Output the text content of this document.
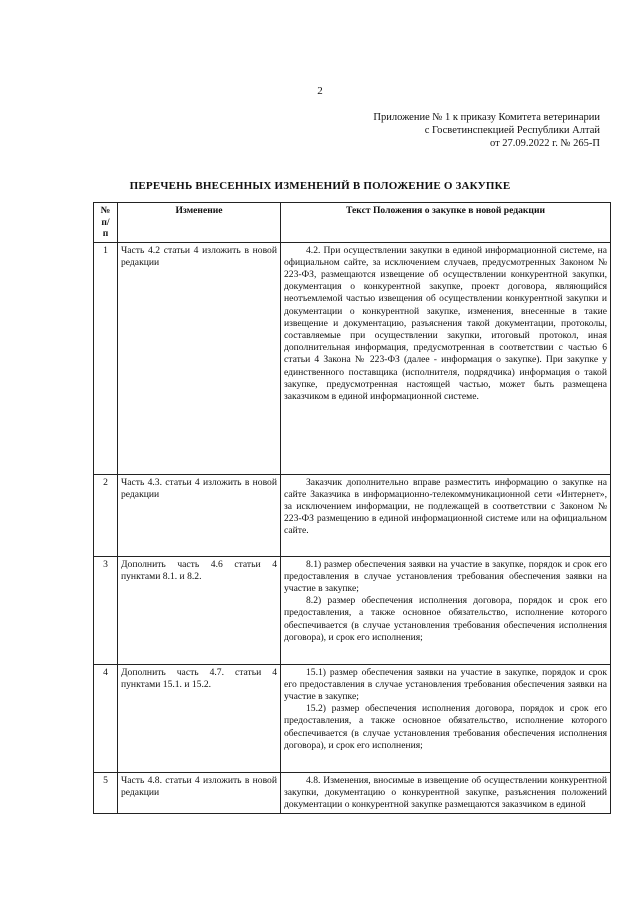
2
Приложение № 1 к приказу Комитета ветеринарии
с Госветинспекцией Республики Алтай
от 27.09.2022 г. № 265-П
ПЕРЕЧЕНЬ ВНЕСЕННЫХ ИЗМЕНЕНИЙ В ПОЛОЖЕНИЕ О ЗАКУПКЕ
№
п/
п	Изменение	Текст Положения о закупке в новой редакции
1	Часть 4.2 статьи 4 изложить в новой редакции	4.2. При осуществлении закупки в единой информационной системе, на официальном сайте, за исключением случаев, предусмотренных Законом № 223-ФЗ, размещаются извещение об осуществлении конкурентной закупки, документация о конкурентной закупке, проект договора, являющийся неотъемлемой частью извещения об осуществлении конкурентной закупки и документации о конкурентной закупке, изменения, внесенные в такие извещение и документацию, разъяснения такой документации, протоколы, составляемые при осуществлении закупки, итоговый протокол, иная дополнительная информация, предусмотренная в соответствии с частью 6 статьи 4 Закона № 223-ФЗ (далее - информация о закупке). При закупке у единственного поставщика (исполнителя, подрядчика) информация о такой закупке, предусмотренная настоящей частью, может быть размещена заказчиком в единой информационной системе.

2	Часть 4.3. статьи 4 изложить в новой редакции	Заказчик дополнительно вправе разместить информацию о закупке на сайте Заказчика в информационно-телекоммуникационной сети «Интернет», за исключением информации, не подлежащей в соответствии с Законом № 223-ФЗ размещению в единой информационной системе или на официальном сайте.

3	Дополнить часть 4.6 статьи 4 пунктами 8.1. и 8.2.	8.1) размер обеспечения заявки на участие в закупке, порядок и срок его предоставления в случае установления требования обеспечения заявки на участие в закупке;

8.2) размер обеспечения исполнения договора, порядок и срок его предоставления, а также основное обязательство, исполнение которого обеспечивается (в случае установления требования обеспечения исполнения договора), и срок его исполнения;

4	Дополнить часть 4.7. статьи 4 пунктами 15.1. и 15.2.	15.1) размер обеспечения заявки на участие в закупке, порядок и срок его предоставления в случае установления требования обеспечения заявки на участие в закупке;

15.2) размер обеспечения исполнения договора, порядок и срок его предоставления, а также основное обязательство, исполнение которого обеспечивается (в случае установления требования обеспечения исполнения договора), и срок его исполнения;

5	Часть 4.8. статьи 4 изложить в новой редакции	4.8. Изменения, вносимые в извещение об осуществлении конкурентной закупки, документацию о конкурентной закупке, разъяснения положений документации о конкурентной закупке размещаются заказчиком в единой
